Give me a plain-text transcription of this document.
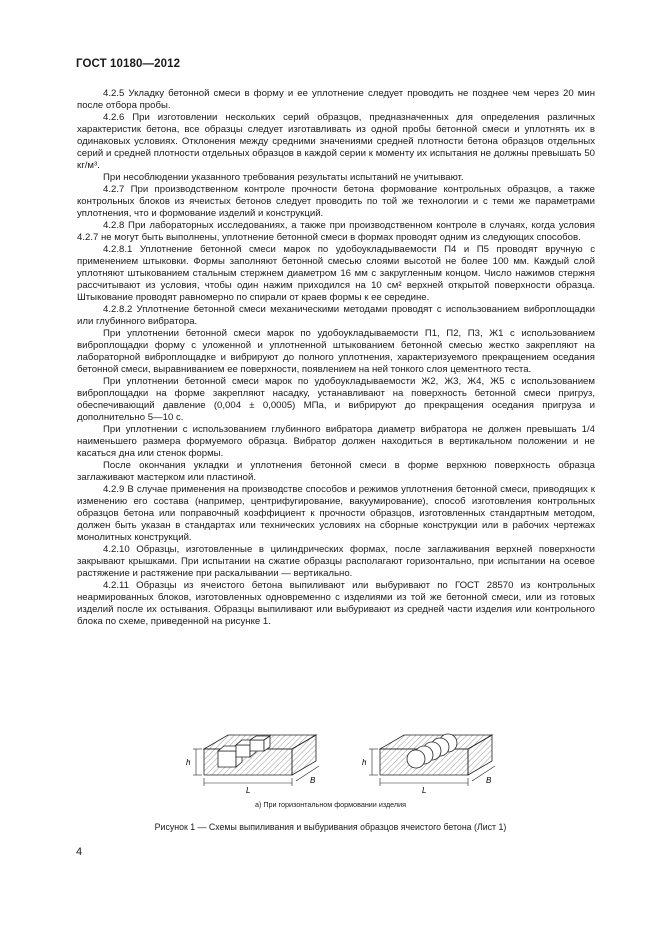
ГОСТ 10180—2012

4.2.5 Укладку бетонной смеси в форму и ее уплотнение следует проводить не позднее чем через 20 мин после отбора пробы.

4.2.6 При изготовлении нескольких серий образцов, предназначенных для определения различных характеристик бетона, все образцы следует изготавливать из одной пробы бетонной смеси и уплотнять их в одинаковых условиях. Отклонения между средними значениями средней плотности бетона образцов отдельных серий и средней плотности отдельных образцов в каждой серии к моменту их испытания не должны превышать 50 кг/м³.

При несоблюдении указанного требования результаты испытаний не учитывают.

4.2.7 При производственном контроле прочности бетона формование контрольных образцов, а также контрольных блоков из ячеистых бетонов следует проводить по той же технологии и с теми же параметрами уплотнения, что и формование изделий и конструкций.

4.2.8 При лабораторных исследованиях, а также при производственном контроле в случаях, когда условия 4.2.7 не могут быть выполнены, уплотнение бетонной смеси в формах проводят одним из следующих способов.

4.2.8.1 Уплотнение бетонной смеси марок по удобоукладываемости П4 и П5 проводят вручную с применением штыковки. Формы заполняют бетонной смесью слоями высотой не более 100 мм. Каждый слой уплотняют штыкованием стальным стержнем диаметром 16 мм с закругленным концом. Число нажимов стержня рассчитывают из условия, чтобы один нажим приходился на 10 см² верхней открытой поверхности образца. Штыкование проводят равномерно по спирали от краев формы к ее середине.

4.2.8.2 Уплотнение бетонной смеси механическими методами проводят с использованием виброплощадки или глубинного вибратора.

При уплотнении бетонной смеси марок по удобоукладываемости П1, П2, П3, Ж1 с использованием виброплощадки форму с уложенной и уплотненной штыкованием бетонной смесью жестко закрепляют на лабораторной виброплощадке и вибрируют до полного уплотнения, характеризуемого прекращением оседания бетонной смеси, выравниванием ее поверхности, появлением на ней тонкого слоя цементного теста.

При уплотнении бетонной смеси марок по удобоукладываемости Ж2, Ж3, Ж4, Ж5 с использованием виброплощадки на форме закрепляют насадку, устанавливают на поверхность бетонной смеси пригруз, обеспечивающий давление (0,004 ± 0,0005) МПа, и вибрируют до прекращения оседания пригруза и дополнительно 5—10 с.

При уплотнении с использованием глубинного вибратора диаметр вибратора не должен превышать 1/4 наименьшего размера формуемого образца. Вибратор должен находиться в вертикальном положении и не касаться дна или стенок формы.

После окончания укладки и уплотнения бетонной смеси в форме верхнюю поверхность образца заглаживают мастерком или пластиной.

4.2.9 В случае применения на производстве способов и режимов уплотнения бетонной смеси, приводящих к изменению его состава (например, центрифугирование, вакуумирование), способ изготовления контрольных образцов бетона или поправочный коэффициент к прочности образцов, изготовленных стандартным методом, должен быть указан в стандартах или технических условиях на сборные конструкции или в рабочих чертежах монолитных конструкций.

4.2.10 Образцы, изготовленные в цилиндрических формах, после заглаживания верхней поверхности закрывают крышками. При испытании на сжатие образцы располагают горизонтально, при испытании на осевое растяжение и растяжение при раскалывании — вертикально.

4.2.11 Образцы из ячеистого бетона выпиливают или выбуривают по ГОСТ 28570 из контрольных неармированных блоков, изготовленных одновременно с изделиями из той же бетонной смеси, или из готовых изделий после их остывания. Образцы выпиливают или выбуривают из средней части изделия или контрольного блока по схеме, приведенной на рисунке 1.

h
L
B
h
L
B
а) При горизонтальном формовании изделия
Рисунок 1 — Схемы выпиливания и выбуривания образцов ячеистого бетона (Лист 1)
4
